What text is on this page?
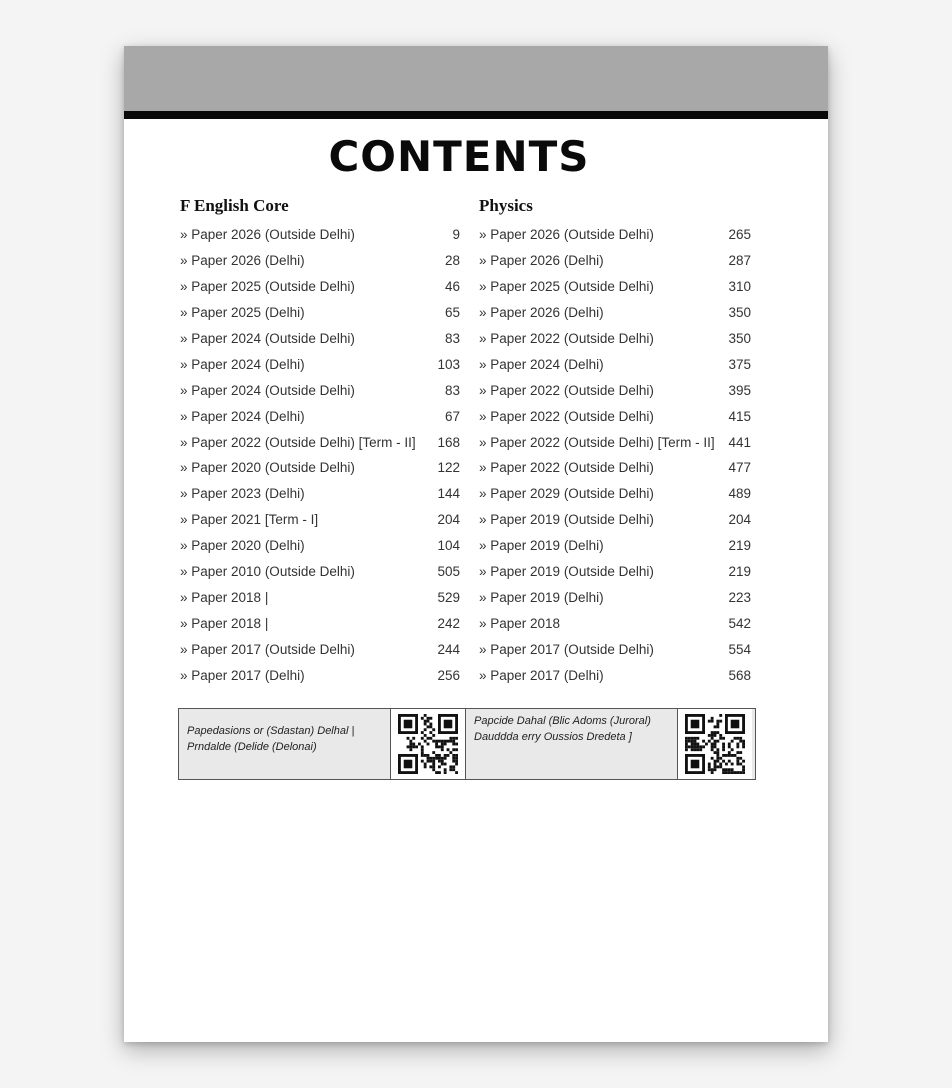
CONTENTS
F English Core
» Paper 2026 (Outside Delhi)	9
» Paper 2026 (Delhi)	28
» Paper 2025 (Outside Delhi)	46
» Paper 2025 (Delhi)	65
» Paper 2024 (Outside Delhi)	83
» Paper 2024 (Delhi)	103
» Paper 2024 (Outside Delhi)	83
» Paper 2024 (Delhi)	67
» Paper 2022 (Outside Delhi) [Term - II] 168
» Paper 2020 (Outside Delhi)	122
» Paper 2023 (Delhi)	144
» Paper 2021 [Term - I]	204
» Paper 2020 (Delhi)	104
» Paper 2010 (Outside Delhi)	505
» Paper 2018 |	529
» Paper 2018 |	242
» Paper 2017 (Outside Delhi)	244
» Paper 2017 (Delhi)	256
Physics
» Paper 2026 (Outside Delhi)	265
» Paper 2026 (Delhi)	287
» Paper 2025 (Outside Delhi)	310
» Paper 2026 (Delhi)	350
» Paper 2022 (Outside Delhi)	350
» Paper 2024 (Delhi)	375
» Paper 2022 (Outside Delhi)	395
» Paper 2022 (Outside Delhi)	415
» Paper 2022 (Outside Delhi) [Term - II] 441
» Paper 2022 (Outside Delhi)	477
» Paper 2029 (Outside Delhi)	489
» Paper 2019 (Outside Delhi)	204
» Paper 2019 (Delhi)	219
» Paper 2019 (Outside Delhi)	219
» Paper 2019 (Delhi)	223
» Paper 2018	542
» Paper 2017 (Outside Delhi)	554
» Paper 2017 (Delhi)	568
Papedasions or (Sdastan) Delhal |
Prndalde (Delide (Delonai)
Papcide Dahal (Blic Adoms (Juroral)
Dauddda erry Oussios Dredeta ]
